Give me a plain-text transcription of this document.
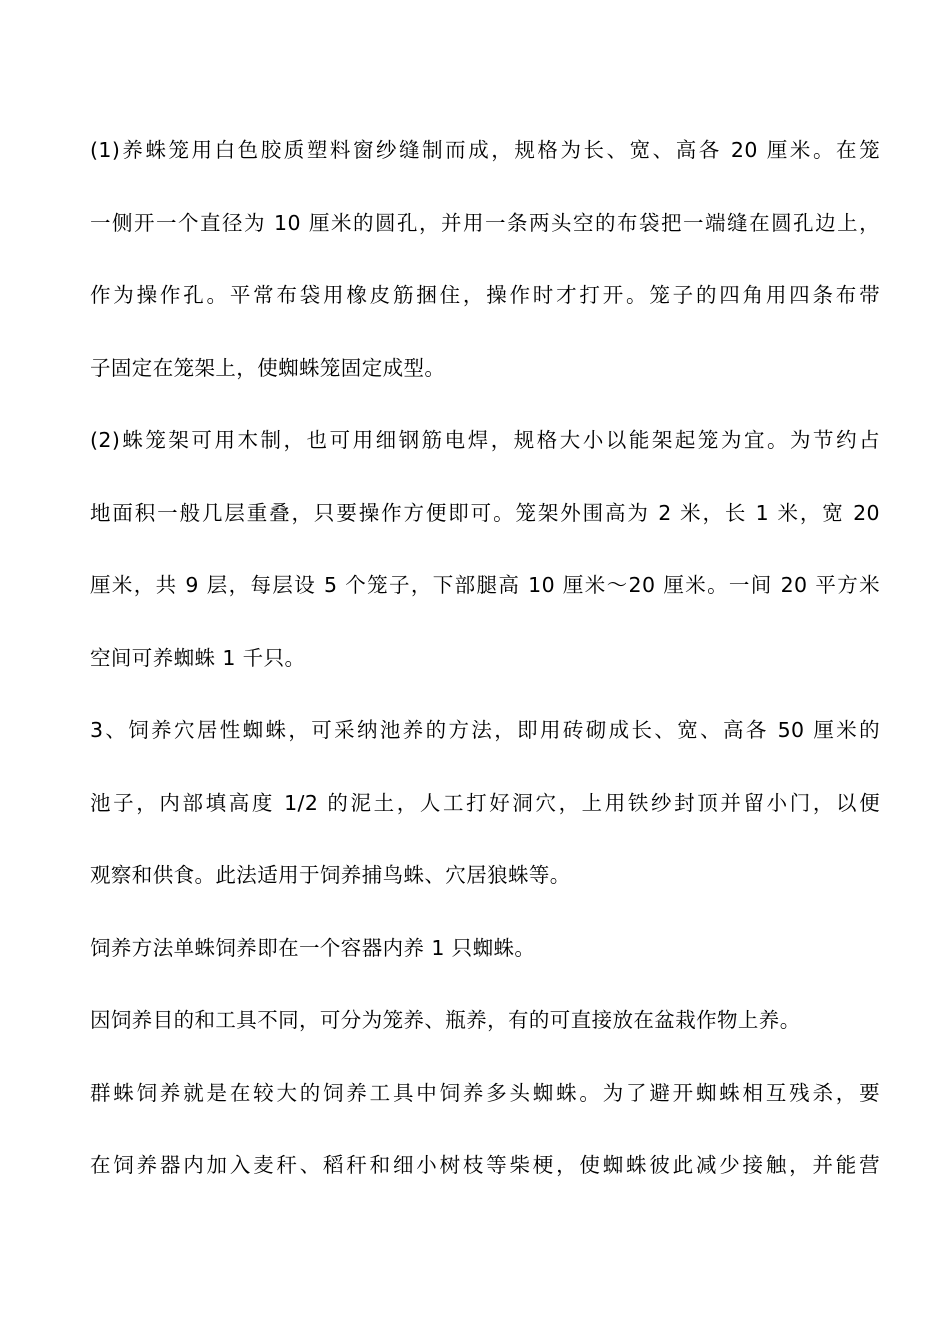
(1)养蛛笼用白色胶质塑料窗纱缝制而成，规格为长、宽、高各 20 厘米。在笼
一侧开一个直径为 10 厘米的圆孔，并用一条两头空的布袋把一端缝在圆孔边上，
作为操作孔。平常布袋用橡皮筋捆住，操作时才打开。笼子的四角用四条布带
子固定在笼架上，使蜘蛛笼固定成型。
(2)蛛笼架可用木制，也可用细钢筋电焊，规格大小以能架起笼为宜。为节约占
地面积一般几层重叠，只要操作方便即可。笼架外围高为 2 米，长 1 米，宽 20
厘米，共 9 层，每层设 5 个笼子，下部腿高 10 厘米～20 厘米。一间 20 平方米
空间可养蜘蛛 1 千只。
3、饲养穴居性蜘蛛，可采纳池养的方法，即用砖砌成长、宽、高各 50 厘米的
池子，内部填高度 1/2 的泥土，人工打好洞穴，上用铁纱封顶并留小门，以便
观察和供食。此法适用于饲养捕鸟蛛、穴居狼蛛等。
饲养方法单蛛饲养即在一个容器内养 1 只蜘蛛。
因饲养目的和工具不同，可分为笼养、瓶养，有的可直接放在盆栽作物上养。
群蛛饲养就是在较大的饲养工具中饲养多头蜘蛛。为了避开蜘蛛相互残杀，要
在饲养器内加入麦秆、稻秆和细小树枝等柴梗，使蜘蛛彼此减少接触，并能营
